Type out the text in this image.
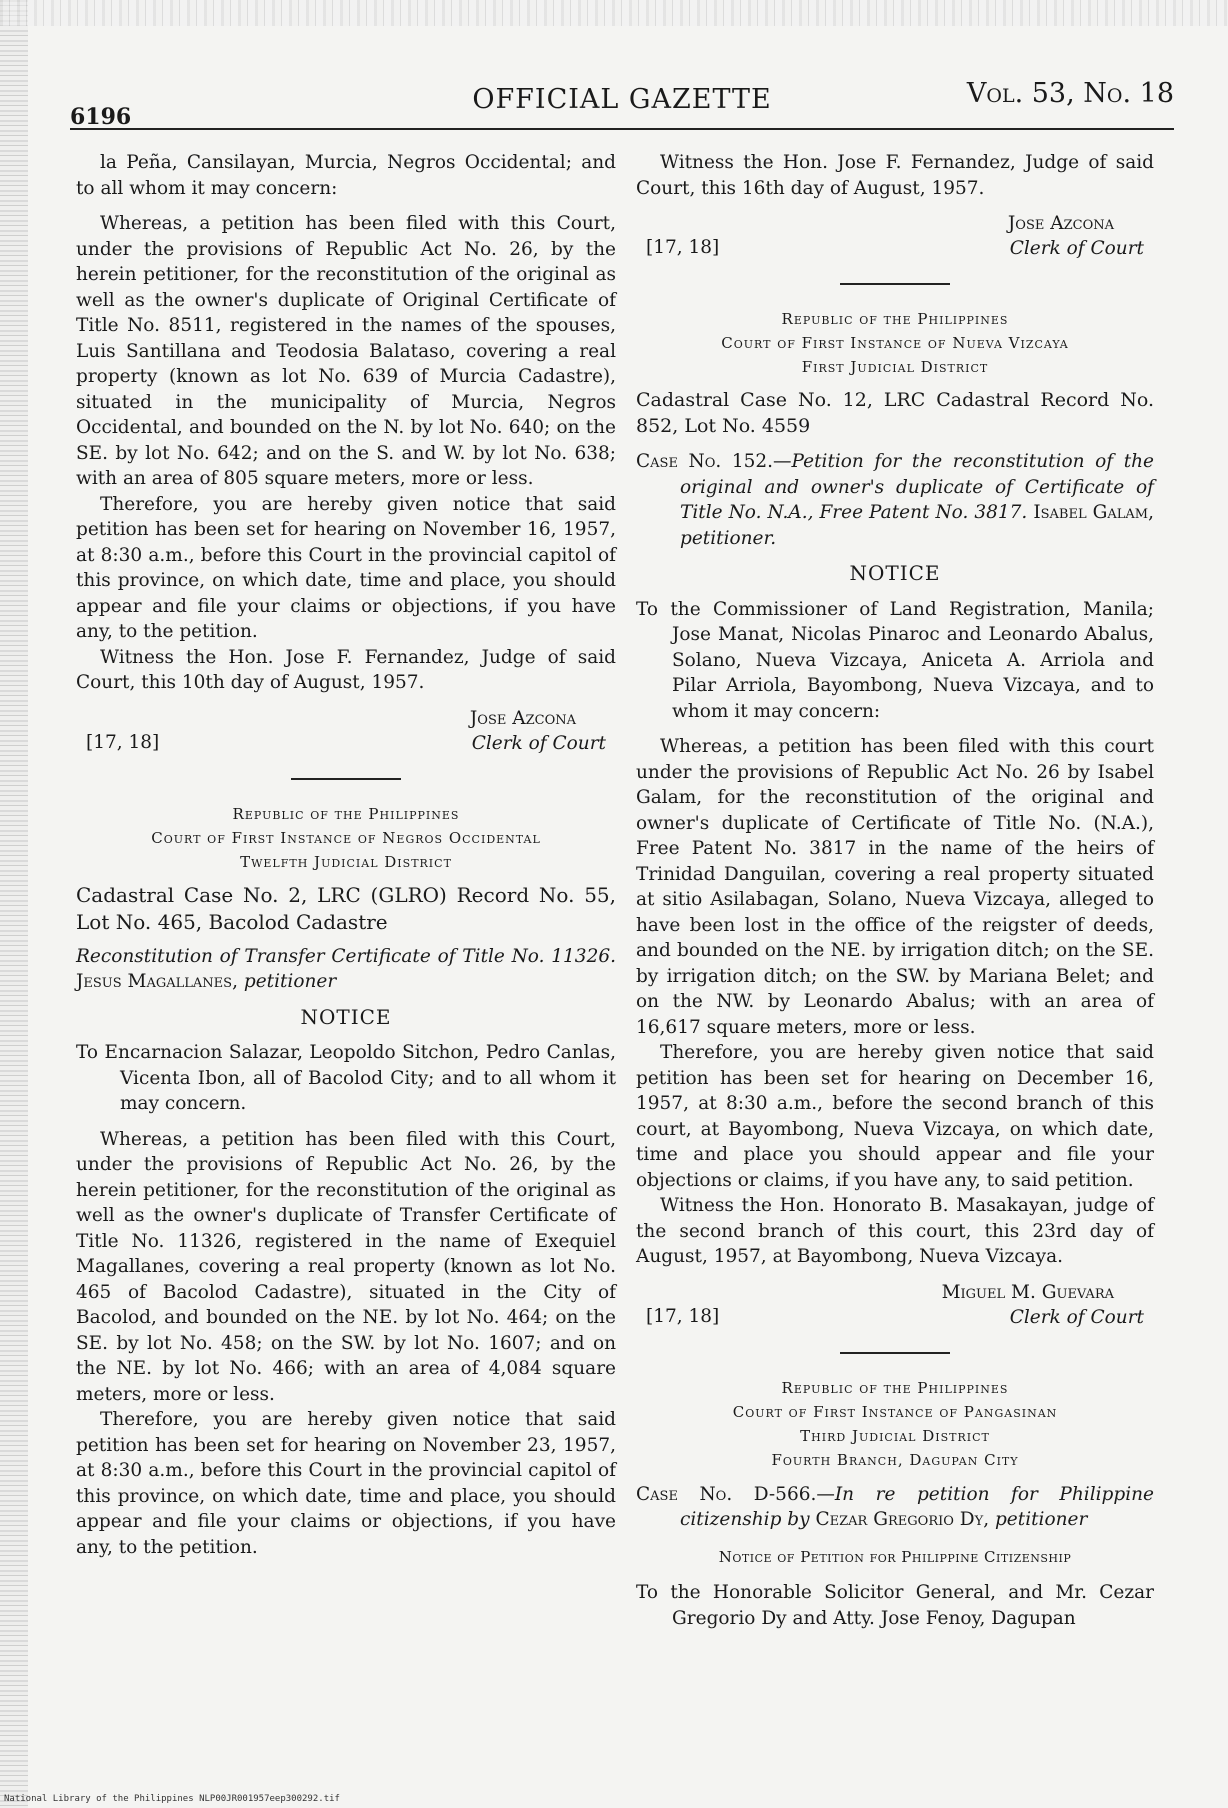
6196
OFFICIAL GAZETTE	Vol. 53, No. 18

la Peña, Cansilayan, Murcia, Negros Occidental; and to all whom it may concern:

Whereas, a petition has been filed with this Court, under the provisions of Republic Act No. 26, by the herein petitioner, for the reconstitution of the original as well as the owner's duplicate of Original Certificate of Title No. 8511, registered in the names of the spouses, Luis Santillana and Teodosia Balataso, covering a real property (known as lot No. 639 of Murcia Cadastre), situated in the municipality of Murcia, Negros Occidental, and bounded on the N. by lot No. 640; on the SE. by lot No. 642; and on the S. and W. by lot No. 638; with an area of 805 square meters, more or less.

Therefore, you are hereby given notice that said petition has been set for hearing on November 16, 1957, at 8:30 a.m., before this Court in the provincial capitol of this province, on which date, time and place, you should appear and file your claims or objections, if you have any, to the petition.

Witness the Hon. Jose F. Fernandez, Judge of said Court, this 10th day of August, 1957.

[17, 18]
Jose Azcona
Clerk of Court
Republic of the Philippines
Court of First Instance of Negros Occidental
Twelfth Judicial District

Cadastral Case No. 2, LRC (GLRO) Record No. 55, Lot No. 465, Bacolod Cadastre

Reconstitution of Transfer Certificate of Title No. 11326. Jesus Magallanes, petitioner

NOTICE

To Encarnacion Salazar, Leopoldo Sitchon, Pedro Canlas, Vicenta Ibon, all of Bacolod City; and to all whom it may concern.

Whereas, a petition has been filed with this Court, under the provisions of Republic Act No. 26, by the herein petitioner, for the reconstitution of the original as well as the owner's duplicate of Transfer Certificate of Title No. 11326, registered in the name of Exequiel Magallanes, covering a real property (known as lot No. 465 of Bacolod Cadastre), situated in the City of Bacolod, and bounded on the NE. by lot No. 464; on the SE. by lot No. 458; on the SW. by lot No. 1607; and on the NE. by lot No. 466; with an area of 4,084 square meters, more or less.

Therefore, you are hereby given notice that said petition has been set for hearing on November 23, 1957, at 8:30 a.m., before this Court in the provincial capitol of this province, on which date, time and place, you should appear and file your claims or objections, if you have any, to the petition.

Witness the Hon. Jose F. Fernandez, Judge of said Court, this 16th day of August, 1957.

[17, 18]
Jose Azcona
Clerk of Court
Republic of the Philippines
Court of First Instance of Nueva Vizcaya
First Judicial District

Cadastral Case No. 12, LRC Cadastral Record No. 852, Lot No. 4559

Case No. 152.—Petition for the reconstitution of the original and owner's duplicate of Certificate of Title No. N.A., Free Patent No. 3817. Isabel Galam, petitioner.

NOTICE

To the Commissioner of Land Registration, Manila; Jose Manat, Nicolas Pinaroc and Leonardo Abalus, Solano, Nueva Vizcaya, Aniceta A. Arriola and Pilar Arriola, Bayombong, Nueva Vizcaya, and to whom it may concern:

Whereas, a petition has been filed with this court under the provisions of Republic Act No. 26 by Isabel Galam, for the reconstitution of the original and owner's duplicate of Certificate of Title No. (N.A.), Free Patent No. 3817 in the name of the heirs of Trinidad Danguilan, covering a real property situated at sitio Asilabagan, Solano, Nueva Vizcaya, alleged to have been lost in the office of the reigster of deeds, and bounded on the NE. by irrigation ditch; on the SE. by irrigation ditch; on the SW. by Mariana Belet; and on the NW. by Leonardo Abalus; with an area of 16,617 square meters, more or less.

Therefore, you are hereby given notice that said petition has been set for hearing on December 16, 1957, at 8:30 a.m., before the second branch of this court, at Bayombong, Nueva Vizcaya, on which date, time and place you should appear and file your objections or claims, if you have any, to said petition.

Witness the Hon. Honorato B. Masakayan, judge of the second branch of this court, this 23rd day of August, 1957, at Bayombong, Nueva Vizcaya.

[17, 18]
Miguel M. Guevara
Clerk of Court
Republic of the Philippines
Court of First Instance of Pangasinan
Third Judicial District
Fourth Branch, Dagupan City

Case No. D-566.—In re petition for Philippine citizenship by Cezar Gregorio Dy, petitioner

Notice of Petition for Philippine Citizenship

To the Honorable Solicitor General, and Mr. Cezar Gregorio Dy and Atty. Jose Fenoy, Dagupan

National Library of the Philippines NLP00JR001957eep300292.tif
